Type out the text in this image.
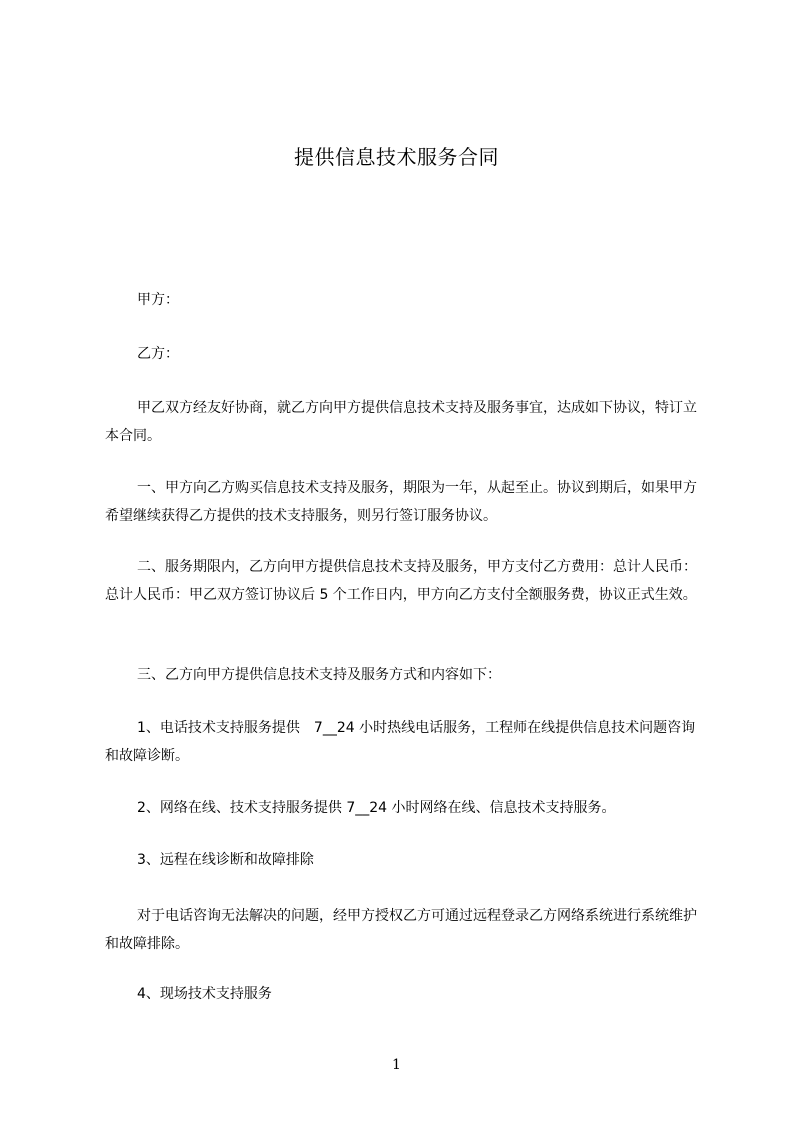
提供信息技术服务合同

甲方：

乙方：

甲乙双方经友好协商，就乙方向甲方提供信息技术支持及服务事宜，达成如下协议，特订立本合同。

一、甲方向乙方购买信息技术支持及服务，期限为一年，从起至止。协议到期后，如果甲方希望继续获得乙方提供的技术支持服务，则另行签订服务协议。

二、服务期限内，乙方向甲方提供信息技术支持及服务，甲方支付乙方费用：总计人民币：总计人民币：甲乙双方签订协议后 5 个工作日内，甲方向乙方支付全额服务费，协议正式生效。

三、乙方向甲方提供信息技术支持及服务方式和内容如下：

1、电话技术支持服务提供　7__24 小时热线电话服务，工程师在线提供信息技术问题咨询和故障诊断。

2、网络在线、技术支持服务提供 7__24 小时网络在线、信息技术支持服务。

3、远程在线诊断和故障排除

对于电话咨询无法解决的问题，经甲方授权乙方可通过远程登录乙方网络系统进行系统维护和故障排除。

4、现场技术支持服务

1
